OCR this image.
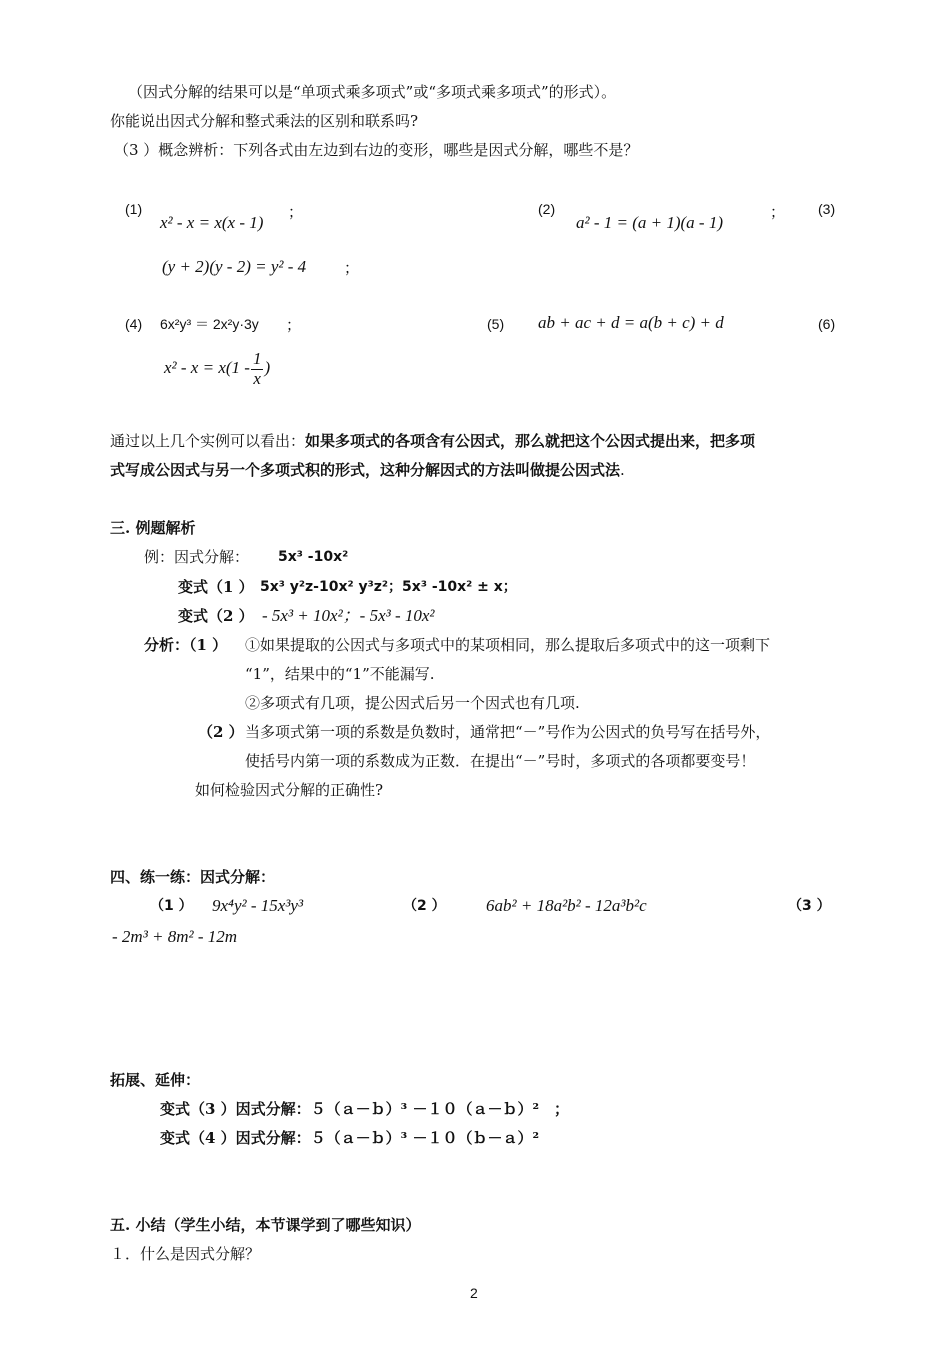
（因式分解的结果可以是“单项式乘多项式”或“多项式乘多项式”的形式）。
你能说出因式分解和整式乘法的区别和联系吗?
（3 ）概念辨析：下列各式由左边到右边的变形，哪些是因式分解，哪些不是？
(1)
x² - x = x(x - 1)
；	(2)
a² - 1 = (a + 1)(a - 1)
； (3)
(y + 2)(y - 2) = y² - 4	；
(4) 6x²y³ ＝ 2x²y·3y ；	(5) ab + ac + d = a(b + c) + d	(6)
$x^2 - x = x(1 - \frac{1}{x}$ )
通过以上几个实例可以看出：如果多项式的各项含有公因式，那么就把这个公因式提出来，把多项
式写成公因式与另一个多项式积的形式，这种分解因式的方法叫做提公因式法.
三. 例题解析
例：因式分解： 5x³ -10x²
变式（1 ） 5x³ y²z-10x² y³z²；5x³ -10x² ± x；
变式（2 ） - 5x³ + 10x²；- 5x³ - 10x²
分析：（1 ） ①如果提取的公因式与多项式中的某项相同，那么提取后多项式中的这一项剩下
“1”，结果中的“1”不能漏写.
②多项式有几项，提公因式后另一个因式也有几项.
（2 ） 当多项式第一项的系数是负数时，通常把“－”号作为公因式的负号写在括号外，
使括号内第一项的系数成为正数．在提出“－”号时，多项式的各项都要变号！
如何检验因式分解的正确性?
四、练一练：因式分解：
（1 ） 9x⁴y² - 15x³y³	（2 ） 6ab² + 18a²b² - 12a³b²c	（3 ）
- 2m³ + 8m² - 12m
拓展、延伸：
变式（3 ）因式分解：５（ａ－ｂ）³ －１０（ａ－ｂ）²　；
变式（4 ）因式分解：５（ａ－ｂ）³ －１０（ｂ－ａ）²
五. 小结（学生小结，本节课学到了哪些知识）
１．什么是因式分解？
2
